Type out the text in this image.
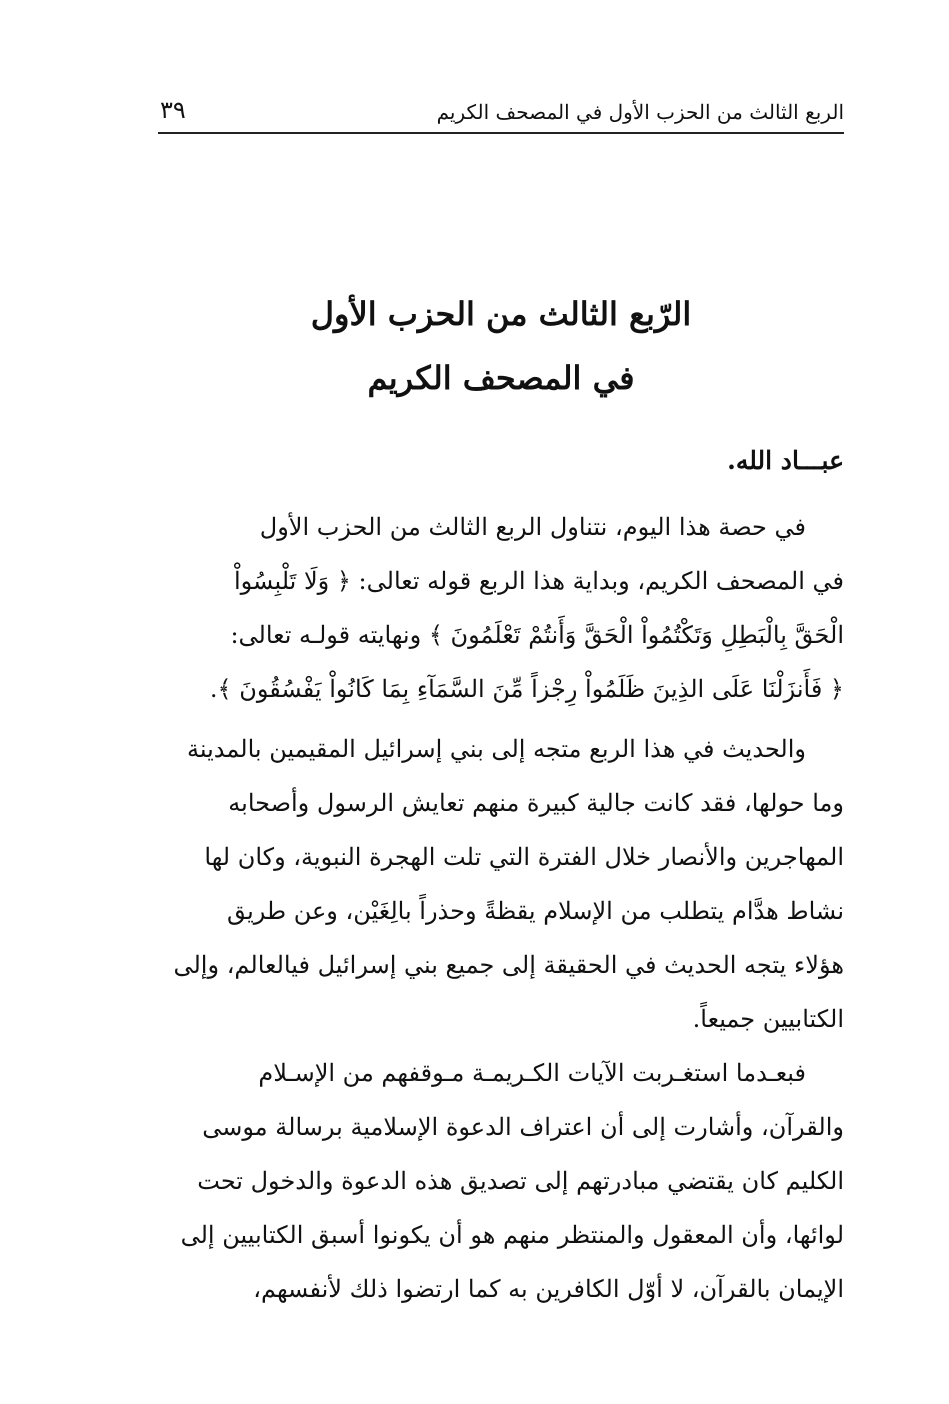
الربع الثالث من الحزب الأول في المصحف الكريم
٣٩
الرّبع الثالث من الحزب الأول
في المصحف الكريم
عبـــاد الله.
في حصة هذا اليوم، نتناول الربع الثالث من الحزب الأول
في المصحف الكريم، وبداية هذا الربع قوله تعالى: ﴿ وَلَا تَلْبِسُواْ
الْحَقَّ بِالْبَطِلِ وَتَكْتُمُواْ الْحَقَّ وَأَنتُمْ تَعْلَمُونَ ﴾ ونهايته قولـه تعالى:
﴿ فَأَنزَلْنَا عَلَى الذِينَ ظَلَمُواْ رِجْزاً مِّنَ السَّمَآءِ بِمَا كَانُواْ يَفْسُقُونَ ﴾.
والحديث في هذا الربع متجه إلى بني إسرائيل المقيمين بالمدينة
وما حولها، فقد كانت جالية كبيرة منهم تعايش الرسول وأصحابه
المهاجرين والأنصار خلال الفترة التي تلت الهجرة النبوية، وكان لها
نشاط هدَّام يتطلب من الإسلام يقظةً وحذراً بالِغَيْن، وعن طريق
هؤلاء يتجه الحديث في الحقيقة إلى جميع بني إسرائيل فيالعالم، وإلى
الكتابيين جميعاً.
فبعـدما استغـربت الآيات الكـريمـة مـوقفهم من الإسـلام
والقرآن، وأشارت إلى أن اعتراف الدعوة الإسلامية برسالة موسى
الكليم كان يقتضي مبادرتهم إلى تصديق هذه الدعوة والدخول تحت
لوائها، وأن المعقول والمنتظر منهم هو أن يكونوا أسبق الكتابيين إلى
الإيمان بالقرآن، لا أوّل الكافرين به كما ارتضوا ذلك لأنفسهم،
